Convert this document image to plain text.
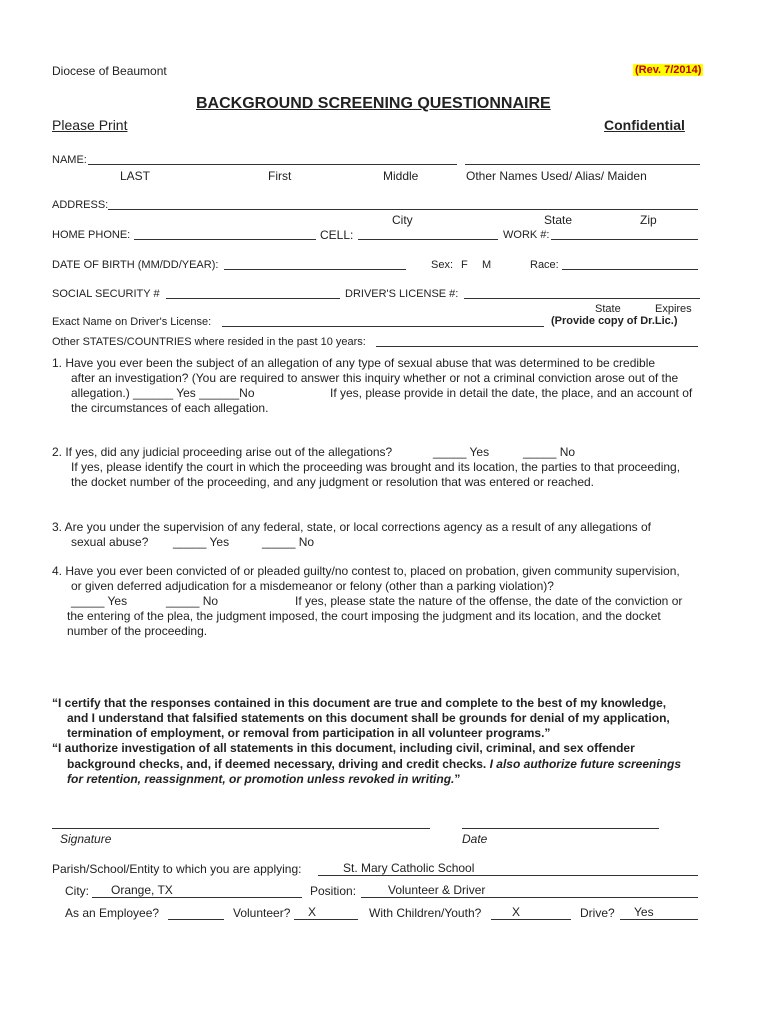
Diocese of Beaumont	(Rev. 7/2014)
BACKGROUND SCREENING QUESTIONNAIRE
Please Print	Confidential
NAME:
LAST	First	Middle	Other Names Used/ Alias/ Maiden
ADDRESS:
City	State	Zip
HOME PHONE:	CELL:	WORK #:
DATE OF BIRTH (MM/DD/YEAR):	Sex: F M	Race:
SOCIAL SECURITY #	DRIVER'S LICENSE #:
State	Expires
Exact Name on Driver's License:	(Provide copy of Dr.Lic.)
Other STATES/COUNTRIES where resided in the past 10 years:
1. Have you ever been the subject of an allegation of any type of sexual abuse that was determined to be credible
after an investigation? (You are required to answer this inquiry whether or not a criminal conviction arose out of the
allegation.) ______ Yes ______No	If yes, please provide in detail the date, the place, and an account of
the circumstances of each allegation.
2. If yes, did any judicial proceeding arise out of the allegations?	_____ Yes	_____ No
If yes, please identify the court in which the proceeding was brought and its location, the parties to that proceeding,
the docket number of the proceeding, and any judgment or resolution that was entered or reached.
3. Are you under the supervision of any federal, state, or local corrections agency as a result of any allegations of
sexual abuse? _____ Yes	_____ No
4. Have you ever been convicted of or pleaded guilty/no contest to, placed on probation, given community supervision,
or given deferred adjudication for a misdemeanor or felony (other than a parking violation)?
_____ Yes	_____ No	If yes, please state the nature of the offense, the date of the conviction or
the entering of the plea, the judgment imposed, the court imposing the judgment and its location, and the docket
number of the proceeding.
“I certify that the responses contained in this document are true and complete to the best of my knowledge,
and I understand that falsified statements on this document shall be grounds for denial of my application,
termination of employment, or removal from participation in all volunteer programs.”
“I authorize investigation of all statements in this document, including civil, criminal, and sex offender
background checks, and, if deemed necessary, driving and credit checks. I also authorize future screenings
for retention, reassignment, or promotion unless revoked in writing.”
Signature	Date
Parish/School/Entity to which you are applying:	St. Mary Catholic School
City: Orange, TX	Position:	Volunteer & Driver
As an Employee?	Volunteer? X	With Children/Youth?	X	Drive? Yes
